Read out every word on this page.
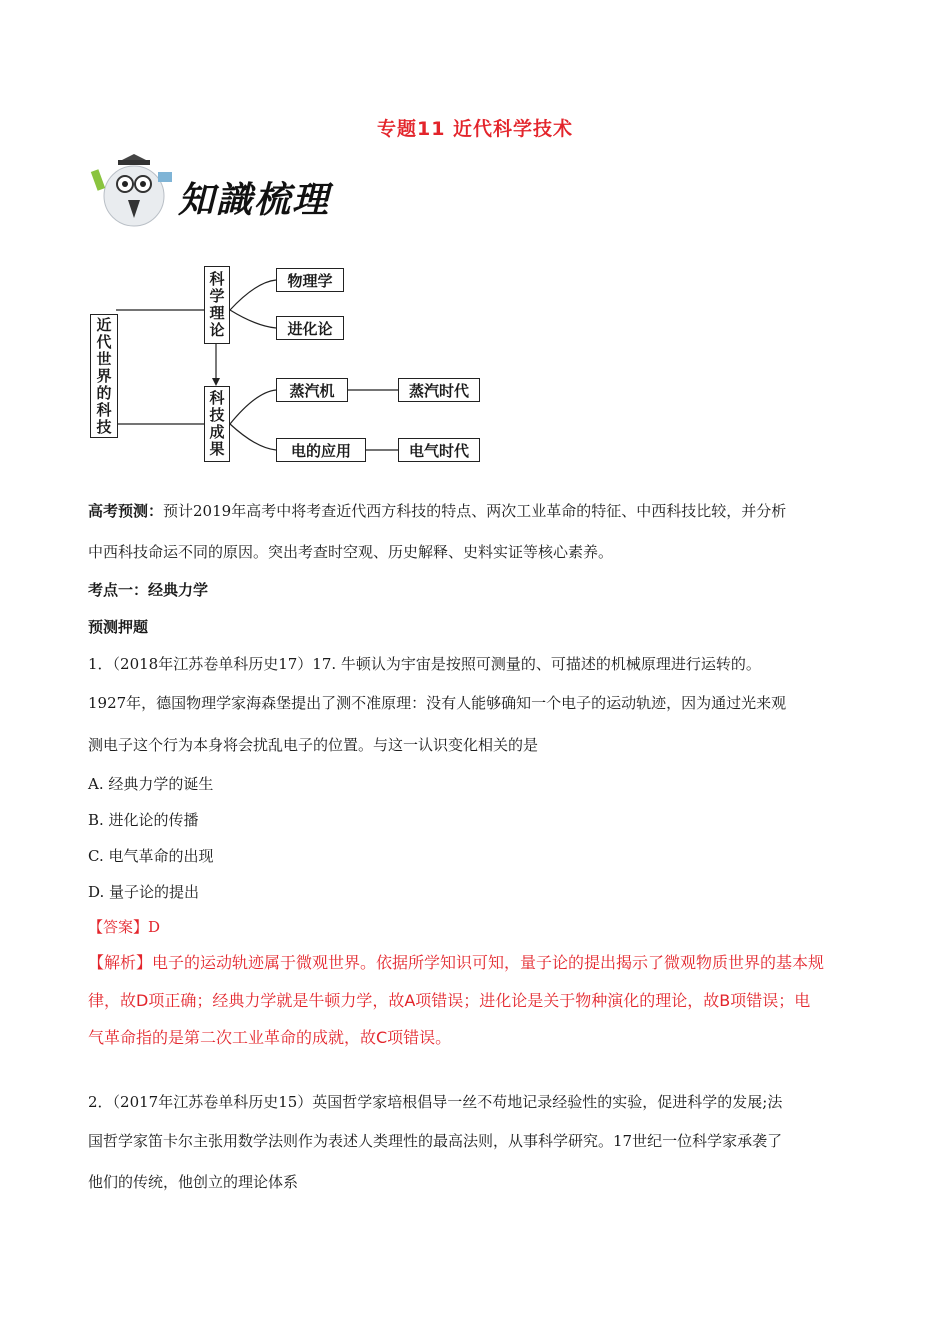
专题11 近代科学技术
知識梳理
近代世界的科技
科学理论	物理学
进化论
科技成果	蒸汽机	蒸汽时代
电的应用	电气时代
高考预测：预计2019年高考中将考查近代西方科技的特点、两次工业革命的特征、中西科技比较，并分析
中西科技命运不同的原因。突出考查时空观、历史解释、史料实证等核心素养。
考点一：经典力学
预测押题
1．（2018年江苏卷单科历史17）17. 牛顿认为宇宙是按照可测量的、可描述的机械原理进行运转的。
1927年，德国物理学家海森堡提出了测不准原理：没有人能够确知一个电子的运动轨迹，因为通过光来观
测电子这个行为本身将会扰乱电子的位置。与这一认识变化相关的是
A. 经典力学的诞生
B. 进化论的传播
C. 电气革命的出现
D. 量子论的提出
【答案】D
【解析】电子的运动轨迹属于微观世界。依据所学知识可知，量子论的提出揭示了微观物质世界的基本规
律，故D项正确；经典力学就是牛顿力学，故A项错误；进化论是关于物种演化的理论，故B项错误；电
气革命指的是第二次工业革命的成就，故C项错误。
2．（2017年江苏卷单科历史15）英国哲学家培根倡导一丝不苟地记录经验性的实验，促进科学的发展;法
国哲学家笛卡尔主张用数学法则作为表述人类理性的最高法则，从事科学研究。17世纪一位科学家承袭了
他们的传统，他创立的理论体系
